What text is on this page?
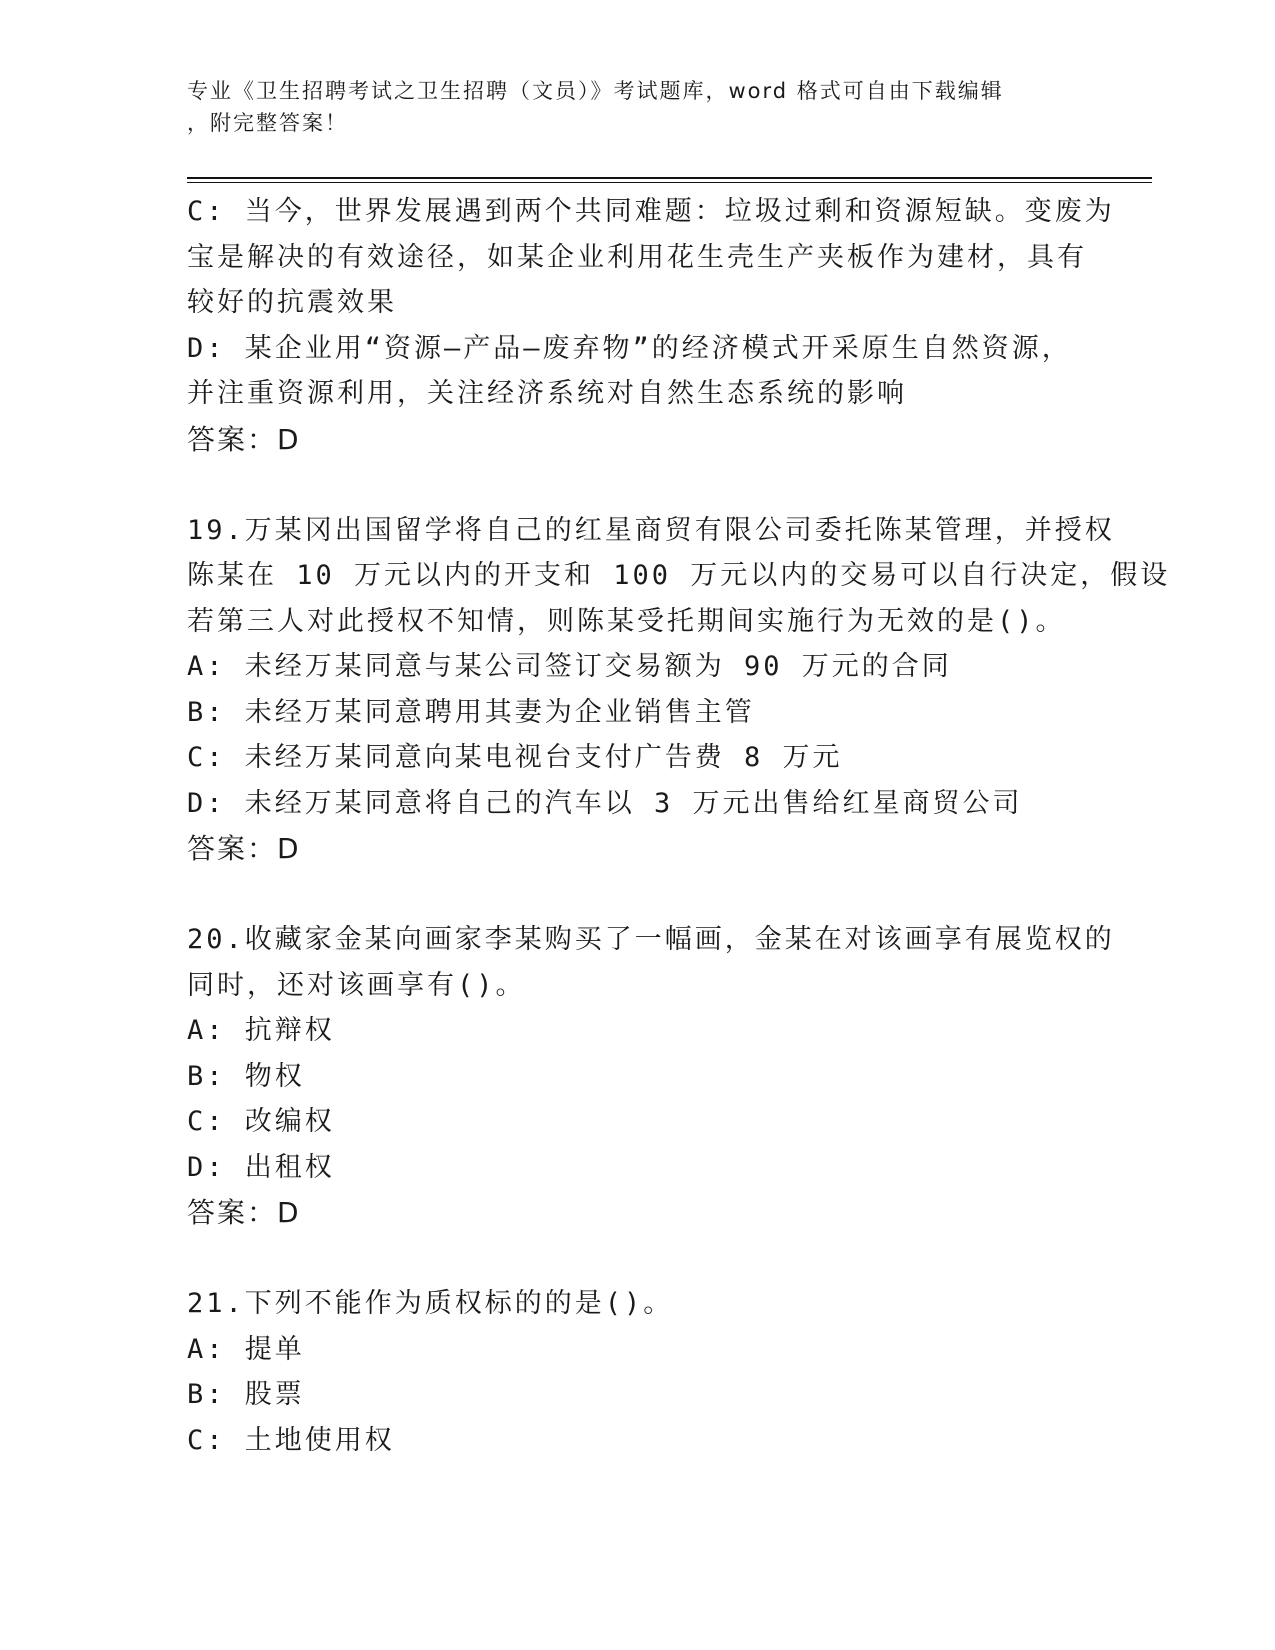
专业《卫生招聘考试之卫生招聘（文员）》考试题库，word 格式可自由下载编辑
，附完整答案！
C: 当今，世界发展遇到两个共同难题：垃圾过剩和资源短缺。变废为
宝是解决的有效途径，如某企业利用花生壳生产夹板作为建材，具有
较好的抗震效果
D: 某企业用“资源—产品—废弃物”的经济模式开采原生自然资源，
并注重资源利用，关注经济系统对自然生态系统的影响
答案：D
19.万某冈出国留学将自己的红星商贸有限公司委托陈某管理，并授权
陈某在 10 万元以内的开支和 100 万元以内的交易可以自行决定，假设
若第三人对此授权不知情，则陈某受托期间实施行为无效的是()。
A: 未经万某同意与某公司签订交易额为 90 万元的合同
B: 未经万某同意聘用其妻为企业销售主管
C: 未经万某同意向某电视台支付广告费 8 万元
D: 未经万某同意将自己的汽车以 3 万元出售给红星商贸公司
答案：D
20.收藏家金某向画家李某购买了一幅画，金某在对该画享有展览权的
同时，还对该画享有()。
A: 抗辩权
B: 物权
C: 改编权
D: 出租权
答案：D
21.下列不能作为质权标的的是()。
A: 提单
B: 股票
C: 土地使用权
